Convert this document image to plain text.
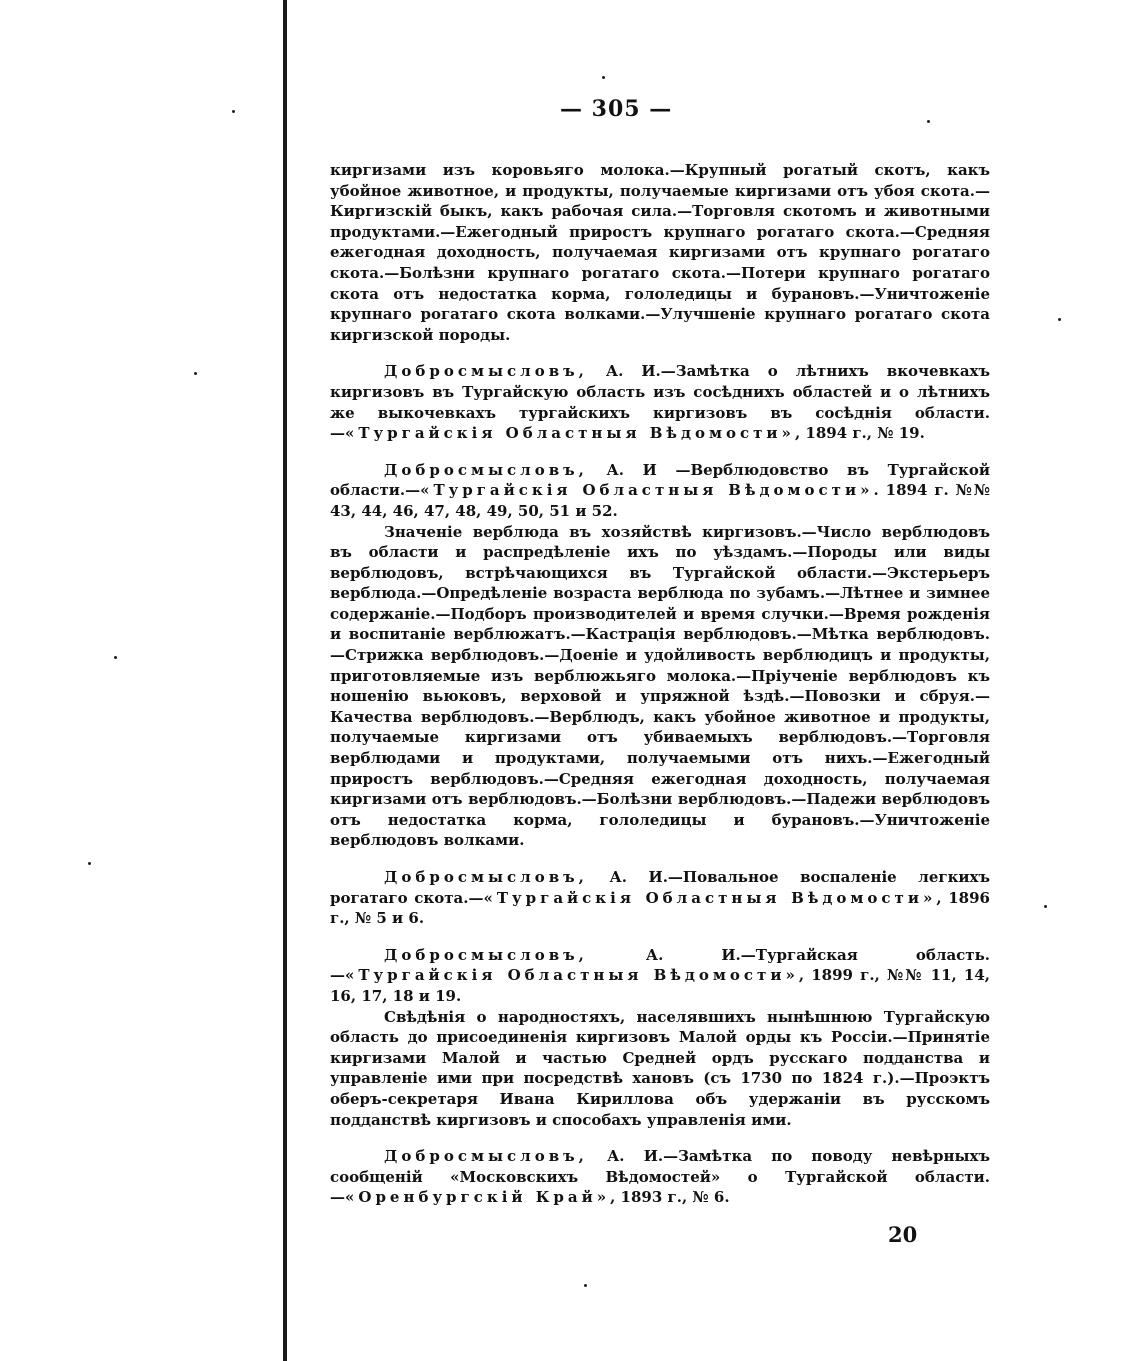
— 305 —

киргизами изъ коровьяго молока.—Крупный рогатый скотъ, какъ убойное животное, и продукты, получаемые киргизами отъ убоя скота.—Киргизскій быкъ, какъ рабочая сила.—Торговля скотомъ и животными продуктами.—Ежегодный приростъ крупнаго рогатаго скота.—Средняя ежегодная доходность, получаемая киргизами отъ крупнаго рогатаго скота.—Болѣзни крупнаго рогатаго скота.—Потери крупнаго рогатаго скота отъ недостатка корма, гололедицы и бурановъ.—Уничтоженіе крупнаго рогатаго скота волками.—Улучшеніе крупнаго рогатаго скота киргизской породы.

Добросмысловъ, А. И.—Замѣтка о лѣтнихъ вкочевкахъ киргизовъ въ Тургайскую область изъ сосѣднихъ областей и о лѣтнихъ же выкочевкахъ тургайскихъ киргизовъ въ сосѣднія области.—«Тургайскія Областныя Вѣдомости», 1894 г., № 19.

Добросмысловъ, А. И —Верблюдовство въ Тургайской области.—«Тургайскія Областныя Вѣдомости». 1894 г. №№ 43, 44, 46, 47, 48, 49, 50, 51 и 52.

Значеніе верблюда въ хозяйствѣ киргизовъ.—Число верблюдовъ въ области и распредѣленіе ихъ по уѣздамъ.—Породы или виды верблюдовъ, встрѣчающихся въ Тургайской области.—Экстерьеръ верблюда.—Опредѣленіе возраста верблюда по зубамъ.—Лѣтнее и зимнее содержаніе.—Подборъ производителей и время случки.—Время рожденія и воспитаніе верблюжатъ.—Кастрація верблюдовъ.—Мѣтка верблюдовъ.—Стрижка верблюдовъ.—Доеніе и удойливость верблюдицъ и продукты, приготовляемые изъ верблюжьяго молока.—Пріученіе верблюдовъ къ ношенію вьюковъ, верховой и упряжной ѣздѣ.—Повозки и сбруя.—Качества верблюдовъ.—Верблюдъ, какъ убойное животное и продукты, получаемые киргизами отъ убиваемыхъ верблюдовъ.—Торговля верблюдами и продуктами, получаемыми отъ нихъ.—Ежегодный приростъ верблюдовъ.—Средняя ежегодная доходность, получаемая киргизами отъ верблюдовъ.—Болѣзни верблюдовъ.—Падежи верблюдовъ отъ недостатка корма, гололедицы и бурановъ.—Уничтоженіе верблюдовъ волками.

Добросмысловъ, А. И.—Повальное воспаленіе легкихъ рогатаго скота.—«Тургайскія Областныя Вѣдомости», 1896 г., № 5 и 6.

Добросмысловъ, А. И.—Тургайская область.—«Тургайскія Областныя Вѣдомости», 1899 г., №№ 11, 14, 16, 17, 18 и 19.

Свѣдѣнія о народностяхъ, населявшихъ нынѣшнюю Тургайскую область до присоединенія киргизовъ Малой орды къ Россіи.—Принятіе киргизами Малой и частью Средней ордъ русскаго подданства и управленіе ими при посредствѣ хановъ (съ 1730 по 1824 г.).—Проэктъ оберъ-секретаря Ивана Кириллова объ удержаніи въ русскомъ подданствѣ киргизовъ и способахъ управленія ими.

Добросмысловъ, А. И.—Замѣтка по поводу невѣрныхъ сообщеній «Московскихъ Вѣдомостей» о Тургайской области.—«Оренбургскій Край», 1893 г., № 6.

20
